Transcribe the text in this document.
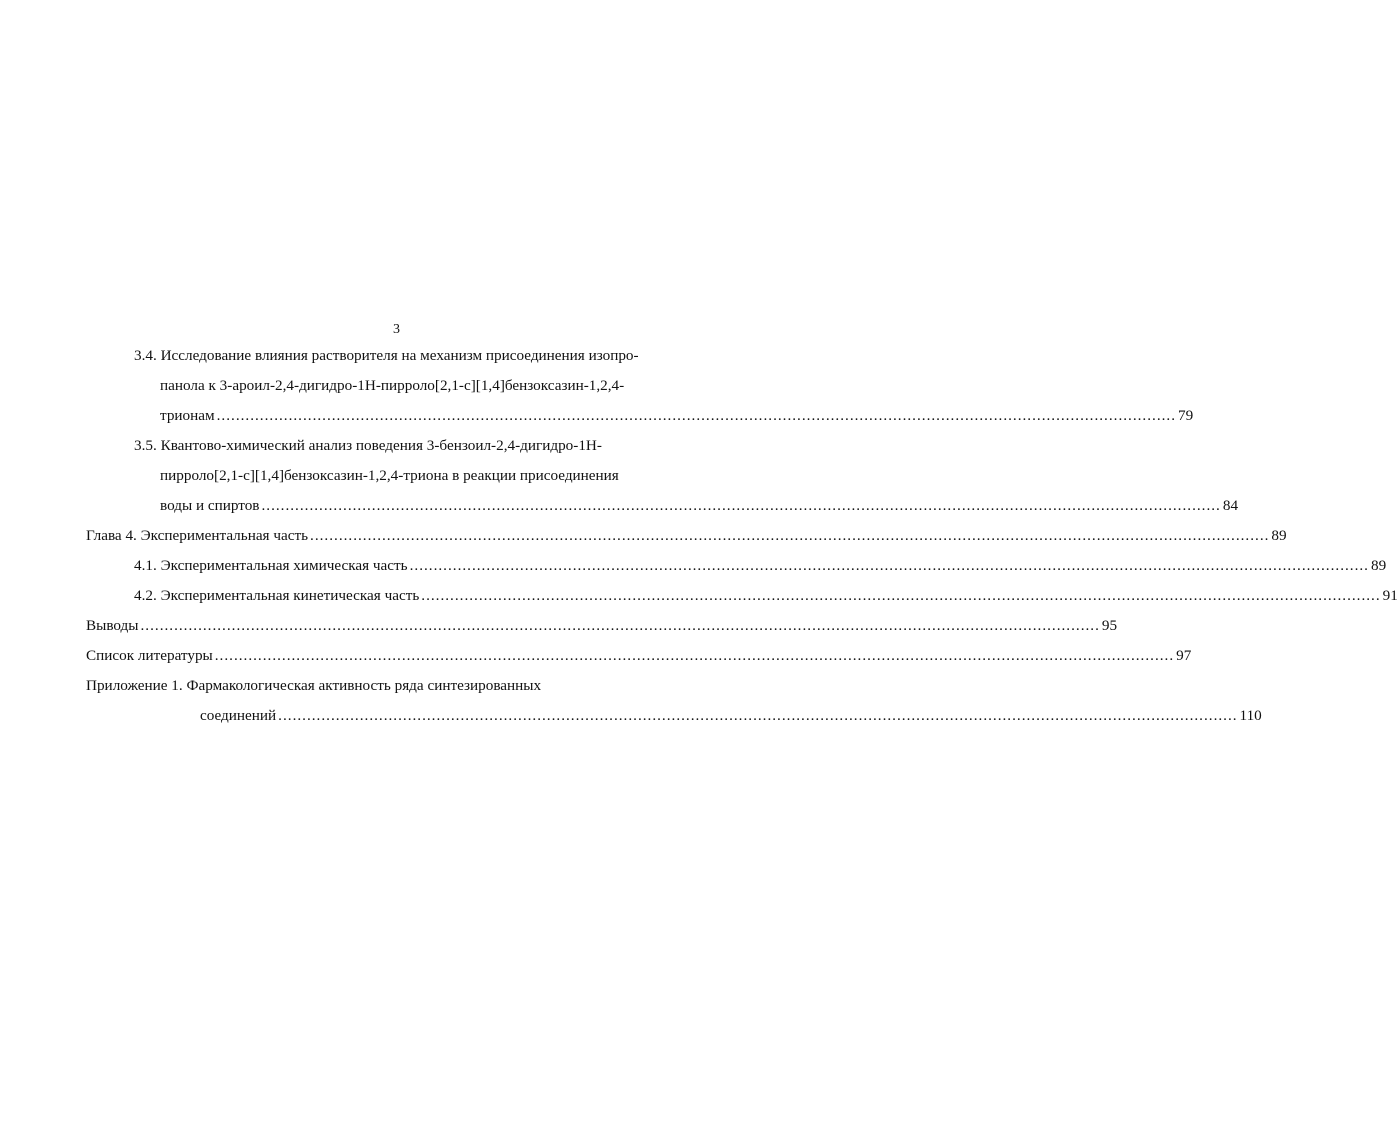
3
3.4. Исследование влияния растворителя на механизм присоединения изопро-
панола к 3-ароил-2,4-дигидро-1Н-пирроло[2,1-c][1,4]бензоксазин-1,2,4-
трионам ........................................................................................................................................................................................................ 79
3.5. Квантово-химический анализ поведения 3-бензоил-2,4-дигидро-1Н-
пирроло[2,1-c][1,4]бензоксазин-1,2,4-триона в реакции присоединения
воды и спиртов ........................................................................................................................................................................................................ 84
Глава 4. Экспериментальная часть ........................................................................................................................................................................................................ 89
4.1. Экспериментальная химическая часть ........................................................................................................................................................................................................ 89
4.2. Экспериментальная кинетическая часть ........................................................................................................................................................................................................ 91
Выводы ........................................................................................................................................................................................................ 95
Список литературы ........................................................................................................................................................................................................ 97
Приложение 1. Фармакологическая активность ряда синтезированных
соединений ........................................................................................................................................................................................................ 110
